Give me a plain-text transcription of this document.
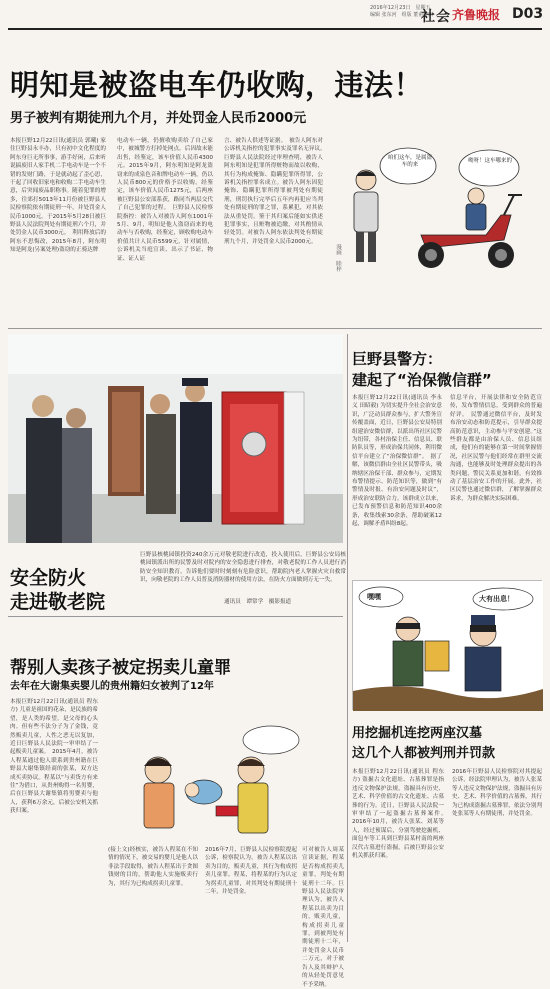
2016年12月23日　星期五
编辑 张东河　组版 董甫维田
社会 齐鲁晚报 D03
明知是被盗电车仍收购，违法！
男子被判有期徒刑九个月，并处罚金人民币2000元
本报巨野12月22日讯(通讯员 郭曦) 家住巨野县永丰办，只有初中文化程度的阿东身巨无所事事，游手好闲，后来听说搞废旧人家手机二手电动车是一个不错的发财门路，于是就动起了歪心思，干起了回收旧家电和收购二手电动车生意，后突闻废品职称事。随着犯罪的增多，往郊打5013年11月份被巨野县人民检察院依有期徒刑一年，并处罚金人民币1000元。于2015年5月28日被巨野县人民法院判处有期徒刑六个月，并处罚金人民币3000元。　利用释放后的阿东不思悔改，2015年8月，阿东明知是阿龙(另案处理)盗窃的正骑达牌
电动车一辆，仍擅收购卖给了自己家中，被城警方打掉处网点。后因故未能出售，经鉴定，该车价值人民币4300元。2015年9月，阿东明知是阿龙盗窃来的成泉色音和牌电动车一辆，仍以人民币800元的价格予以收购。经鉴定，该车价值人民币1275元，后两座被巨野县公安部系获，路同当两层交代了自己犯罪的过程。　巨野县人民检察院指控：被告人对被告人阿东1001年5月、9月，明知是他人盗窃而来的电动车与否收购，经鉴定，顾收购电动车价值共计人民币5599元，针对属情，公诉机关当庭宣读、出示了书证、物证、证人证
言、被告人供述等证据。　被告人阿东对公诉机关指控的犯罪事实及罪名无异议。　巨野县人民法院经过审理查明，被告人阿东明知是犯罪所得赃物而故以收购，其行为构成掩饰、隐瞒犯罪所得罪，公诉机关指控罪名成立。被告人阿东因犯掩饰、隐瞒犯罪所得罪被判处有期徒刑，刑罚执行完毕后五年内再犯应当判处有期徒刑的罪之罪，系累犯，对其依法从重处罚。鉴于其归案后能如实供述犯罪事实，且赃物被追缴，对其酌情从轻处罚。对被告人阿东依法判处有期徒刑九个月，并处罚金人民币2000元。
咱们这车，是属盗车的来
呦呀！这车哪来的
漫画　睦梓
巨野县警方：
建起了“治保微信群”
本报巨野12月22日讯(通讯员 李永义 田昭毅) 为切实提升全社会治安意识，广泛动员群众参与，扩大警务宣传覆盖面，近日，巨野县公安局特别组建治安微信群，以派出所社区民警为纽带，各村治保主任、信息员、联防队员等，形成治保共同体，利用微信平台建立了“治保微信群”。　据了解，该微信群由全社区民警带头，吸纳辖区治保干部、群众参与，定期发布警情提示、防范知识等，做到“有警情及时报、有治安问题及时议”，形成治安联防合力。该群成立以来，已发布预警信息和防范知识400余条，收集线索30余条，帮助破案12起，调解矛盾纠纷8起。
信息平台，开展法律和安全防范宣传，发布警情信息，受到群众的普遍好评。　民警通过微信平台，及时发布治安动态和防范提示，引导群众提高防范意识，主动参与平安创建。”这些群友都是由治保人员、信息员组成，他们有的能够在第一时间掌握情况，社区民警与他们经常在群里交流沟通，也能够及时处理群众提出的各类问题，警民关系更加和谐，有效推动了基层治安工作的开展。此外，社区民警也通过微信群，了解掌握群众诉求，为群众解决实际困难。
安全防火
走进敬老院
巨野县核桃园镇投资240余万元对敬老院进行改造，投入使用后，巨野县公安局核桃园镇派出所的民警及时对院内的安全隐患进行排查，对敬老院的工作人员进行消防安全知识教育，告诉他们要时时刻刻有危险意识，帮助院内老人掌握火灾自救常识，向敬老院的工作人员普及消防器材的使用方法，在防火方面做到万无一失。
通讯员　谭常学　摄影报道
嘿嘿	大有出息！
帮别人卖孩子被定拐卖儿童罪
去年在大谢集卖婴儿的贵州籍妇女被判了12年
本报巨野12月22日讯(通讯员 程东方) 儿童是祖国的花朵，是民族的希望，是人类的希望，是父母的心头肉。但有些不法分子为了金钱，竟然贩卖儿童，人性之恶无以复加，近日巨野县人民法院一审审结了一起贩卖儿童案。　2015年4月，被告人程某通过他人联系到贵州籍在巨野县大谢集镇经商的张某，双方达成买卖协议。程某以“与卖货方有来往”为借口，从贵州购得一名男婴，后在巨野县大谢集镇将男婴卖与他人，获利6万余元，后被公安机关抓获归案。
(接上文)经核实，被告人程某在不知情的情况下，被交易的婴儿是他人以非法手段取得，被告人程某出于贪图钱财的目的，帮助他人实施贩卖行为，其行为已构成拐卖儿童罪。
2016年7月，巨野县人民检察院提起公诉，检察院认为，被告人程某以出卖为目的，贩卖儿童，其行为构成拐卖儿童罪。程某，将程某的行为认定为拐卖儿童罪，对其判处有期徒刑十二年，并处罚金。
可对被告人周某宣读证据，程某是否构成拐卖儿童罪，判处有期徒刑十二年。巨野县人民法院审理认为，被告人程某以出卖为目的，贩卖儿童，构成拐卖儿童罪。到被判处有期徒刑十二年，并处罚金人民币二万元，对于被告人及其辩护人的从轻处罚意见不予采纳。
用挖掘机连挖两座汉墓
这几个人都被判刑并罚款
本报巨野12月22日讯(通讯员 程东方) 盗掘古文化遗址、古墓葬罪是指违反文物保护法规，盗掘具有历史、艺术、科学价值的古文化遗址、古墓葬的行为。近日，巨野县人民法院一审审结了一起盗掘古墓葬案件。　2016年10月，被告人张某、刘某等人，经过预谋后，分别驾驶挖掘机、面包车等工具到巨野县某村南的两座汉代古墓进行盗掘，后被巨野县公安机关抓获归案。
2016年巨野县人民检察院对其提起公诉，经法院审理认为，被告人张某等人违反文物保护法规，盗掘具有历史、艺术、科学价值的古墓葬，其行为已构成盗掘古墓葬罪，依法分别判处张某等人有期徒刑，并处罚金。
